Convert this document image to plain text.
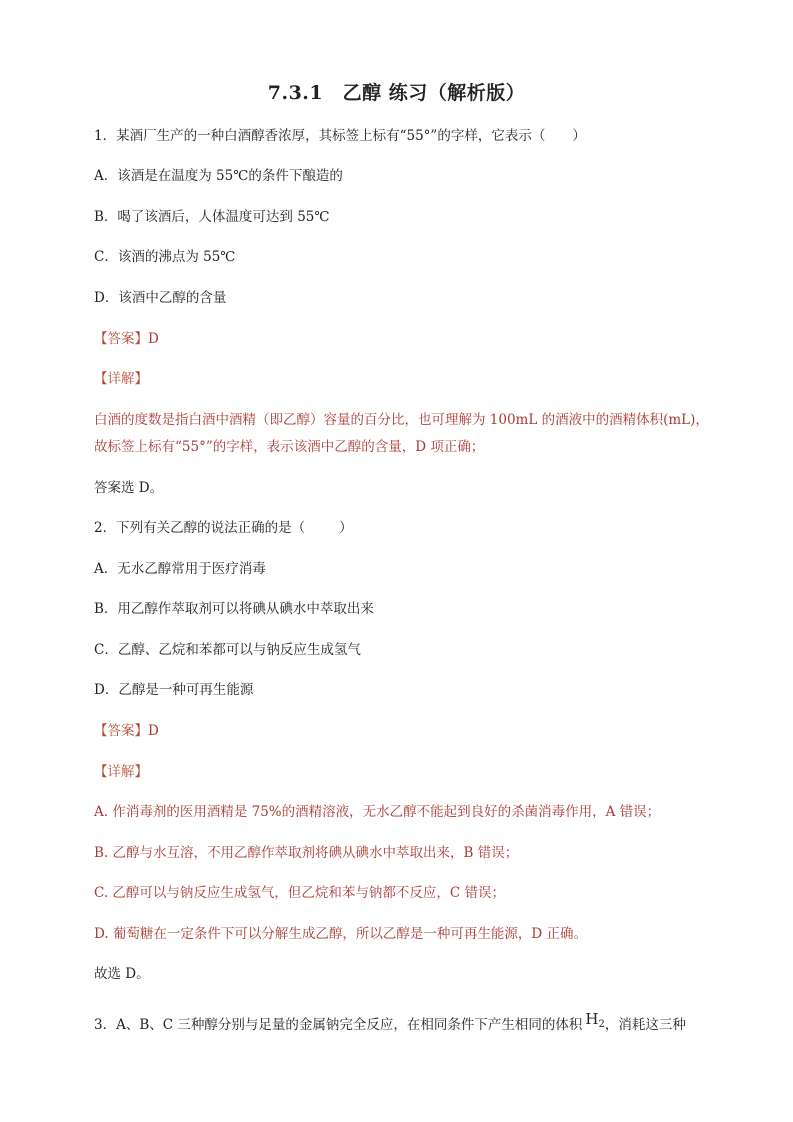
7.3.1　乙醇 练习（解析版）
1．某酒厂生产的一种白酒醇香浓厚，其标签上标有“55°”的字样，它表示（　　）
A．该酒是在温度为 55℃的条件下酿造的
B．喝了该酒后，人体温度可达到 55℃
C．该酒的沸点为 55℃
D．该酒中乙醇的含量
【答案】D
【详解】
白酒的度数是指白酒中酒精（即乙醇）容量的百分比，也可理解为 100mL 的酒液中的酒精体积(mL)，
故标签上标有“55°”的字样，表示该酒中乙醇的含量，D 项正确；
答案选 D。
2．下列有关乙醇的说法正确的是（	）
A．无水乙醇常用于医疗消毒
B．用乙醇作萃取剂可以将碘从碘水中萃取出来
C．乙醇、乙烷和苯都可以与钠反应生成氢气
D．乙醇是一种可再生能源
【答案】D
【详解】
A. 作消毒剂的医用酒精是 75%的酒精溶液，无水乙醇不能起到良好的杀菌消毒作用，A 错误；
B. 乙醇与水互溶，不用乙醇作萃取剂将碘从碘水中萃取出来，B 错误；
C. 乙醇可以与钠反应生成氢气，但乙烷和苯与钠都不反应，C 错误；
D. 葡萄糖在一定条件下可以分解生成乙醇，所以乙醇是一种可再生能源，D 正确。
故选 D。
3．A、B、C 三种醇分别与足量的金属钠完全反应，在相同条件下产生相同的体积 $H_2$，消耗这三种
